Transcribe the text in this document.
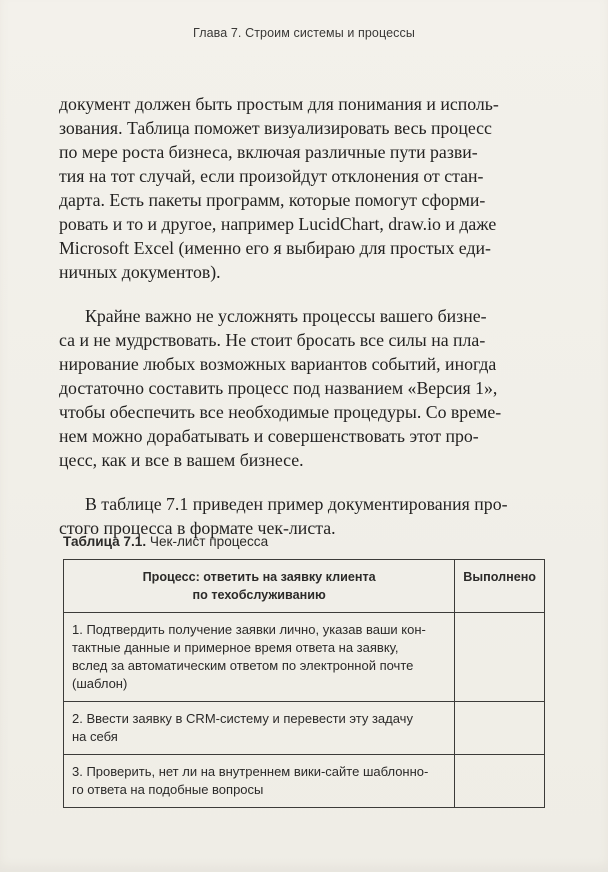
Глава 7. Строим системы и процессы

документ должен быть простым для понимания и исполь-
зования. Таблица поможет визуализировать весь процесс
по мере роста бизнеса, включая различные пути разви-
тия на тот случай, если произойдут отклонения от стан-
дарта. Есть пакеты программ, которые помогут сформи-
ровать и то и другое, например LucidChart, draw.io и даже
Microsoft Excel (именно его я выбираю для простых еди-
ничных документов).

Крайне важно не усложнять процессы вашего бизне-
са и не мудрствовать. Не стоит бросать все силы на пла-
нирование любых возможных вариантов событий, иногда
достаточно составить процесс под названием «Версия 1»,
чтобы обеспечить все необходимые процедуры. Со време-
нем можно дорабатывать и совершенствовать этот про-
цесс, как и все в вашем бизнесе.

В таблице 7.1 приведен пример документирования про-
стого процесса в формате чек-листа.

Таблица 7.1. Чек-лист процесса
Процесс: ответить на заявку клиента
по техобслуживанию	Выполнено

1. Подтвердить получение заявки лично, указав ваши кон-
тактные данные и примерное время ответа на заявку,
вслед за автоматическим ответом по электронной почте
(шаблон)	

2. Ввести заявку в CRM-систему и перевести эту задачу
на себя	

3. Проверить, нет ли на внутреннем вики-сайте шаблонно-
го ответа на подобные вопросы	
